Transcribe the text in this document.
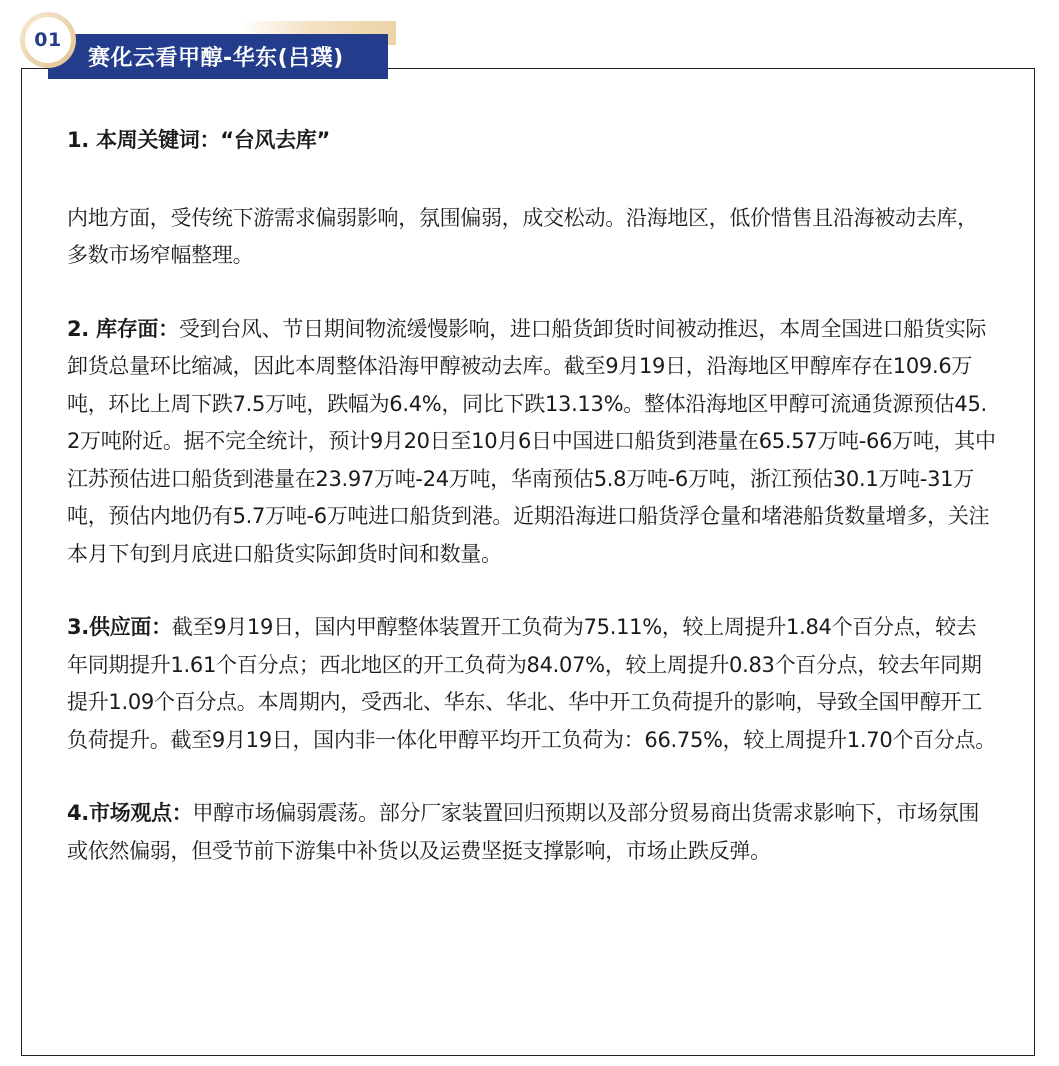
赛化云看甲醇-华东(吕璞)
01

1. 本周关键词：“台风去库”

内地方面，受传统下游需求偏弱影响，氛围偏弱，成交松动。沿海地区，低价惜售且沿海被动去库，多数市场窄幅整理。

2. 库存面：受到台风、节日期间物流缓慢影响，进口船货卸货时间被动推迟，本周全国进口船货实际卸货总量环比缩减，因此本周整体沿海甲醇被动去库。截至9月19日，沿海地区甲醇库存在109.6万吨，环比上周下跌7.5万吨，跌幅为6.4%，同比下跌13.13%。整体沿海地区甲醇可流通货源预估45.2万吨附近。据不完全统计，预计9月20日至10月6日中国进口船货到港量在65.57万吨-66万吨，其中江苏预估进口船货到港量在23.97万吨-24万吨，华南预估5.8万吨-6万吨，浙江预估30.1万吨-31万吨，预估内地仍有5.7万吨-6万吨进口船货到港。近期沿海进口船货浮仓量和堵港船货数量增多，关注本月下旬到月底进口船货实际卸货时间和数量。

3.供应面：截至9月19日，国内甲醇整体装置开工负荷为75.11%，较上周提升1.84个百分点，较去年同期提升1.61个百分点；西北地区的开工负荷为84.07%，较上周提升0.83个百分点，较去年同期提升1.09个百分点。本周期内，受西北、华东、华北、华中开工负荷提升的影响，导致全国甲醇开工负荷提升。截至9月19日，国内非一体化甲醇平均开工负荷为：66.75%，较上周提升1.70个百分点。

4.市场观点：甲醇市场偏弱震荡。部分厂家装置回归预期以及部分贸易商出货需求影响下，市场氛围或依然偏弱，但受节前下游集中补货以及运费坚挺支撑影响，市场止跌反弹。
